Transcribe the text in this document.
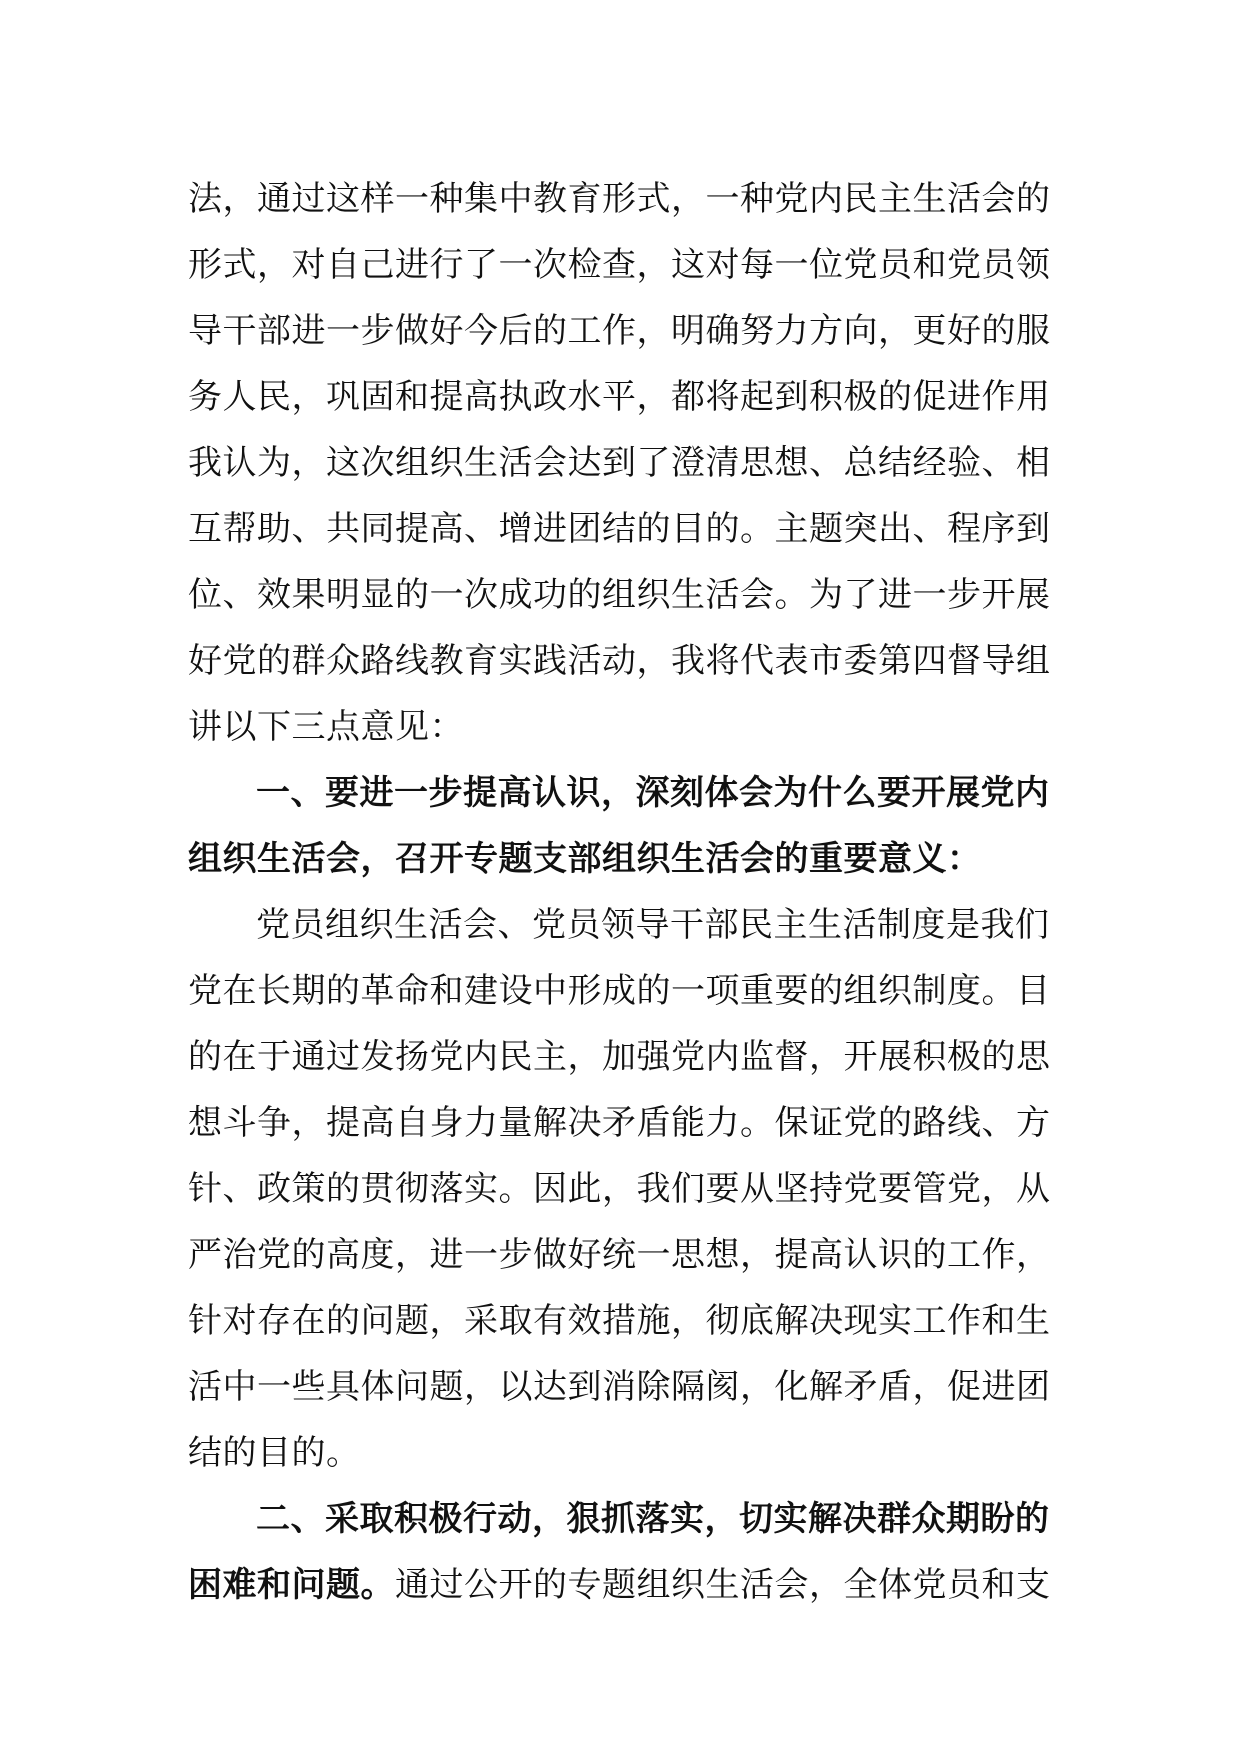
法，通过这样一种集中教育形式，一种党内民主生活会的
形式，对自己进行了一次检查，这对每一位党员和党员领
导干部进一步做好今后的工作，明确努力方向，更好的服
务人民，巩固和提高执政水平，都将起到积极的促进作用
我认为，这次组织生活会达到了澄清思想、总结经验、相
互帮助、共同提高、增进团结的目的。主题突出、程序到
位、效果明显的一次成功的组织生活会。为了进一步开展
好党的群众路线教育实践活动，我将代表市委第四督导组
讲以下三点意见：
一、要进一步提高认识，深刻体会为什么要开展党内
组织生活会，召开专题支部组织生活会的重要意义：
党员组织生活会、党员领导干部民主生活制度是我们
党在长期的革命和建设中形成的一项重要的组织制度。目
的在于通过发扬党内民主，加强党内监督，开展积极的思
想斗争，提高自身力量解决矛盾能力。保证党的路线、方
针、政策的贯彻落实。因此，我们要从坚持党要管党，从
严治党的高度，进一步做好统一思想，提高认识的工作，
针对存在的问题，采取有效措施，彻底解决现实工作和生
活中一些具体问题，以达到消除隔阂，化解矛盾，促进团
结的目的。
二、采取积极行动，狠抓落实，切实解决群众期盼的
困难和问题。通过公开的专题组织生活会，全体党员和支
